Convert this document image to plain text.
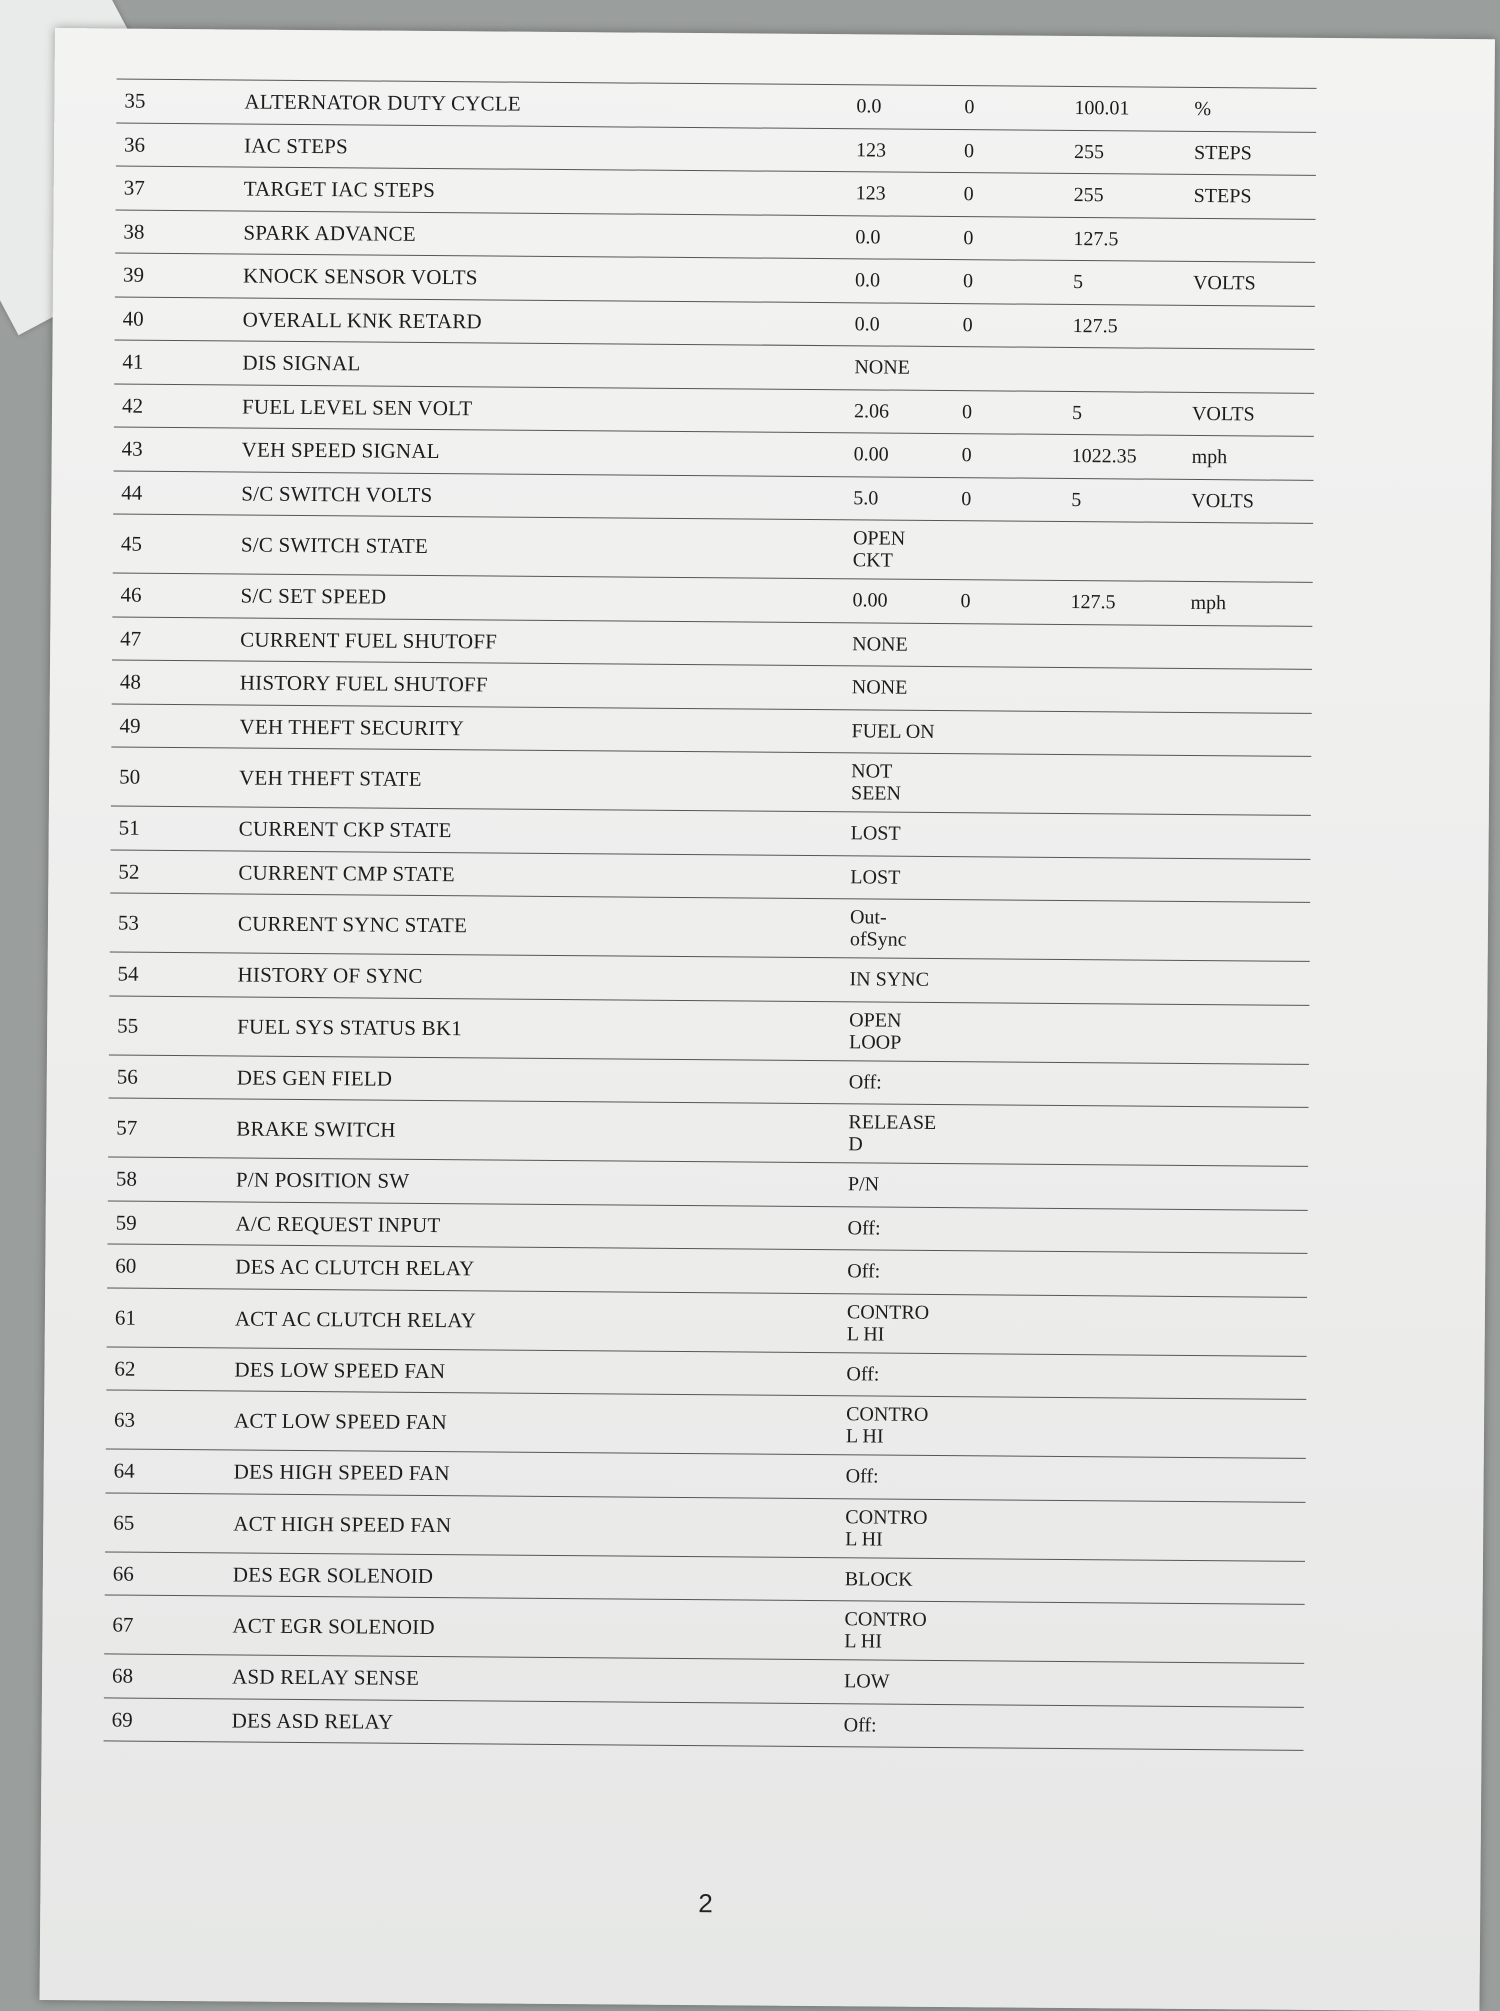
35	ALTERNATOR DUTY CYCLE	0.0	0	100.01	%
36	IAC STEPS	123	0	255	STEPS
37	TARGET IAC STEPS	123	0	255	STEPS
38	SPARK ADVANCE	0.0	0	127.5
39	KNOCK SENSOR VOLTS	0.0	0	5	VOLTS
40	OVERALL KNK RETARD	0.0	0	127.5
41	DIS SIGNAL	NONE
42	FUEL LEVEL SEN VOLT	2.06	0	5	VOLTS
43	VEH SPEED SIGNAL	0.00	0	1022.35	mph
44	S/C SWITCH VOLTS	5.0	0	5	VOLTS
45	S/C SWITCH STATE	OPEN
CKT
46	S/C SET SPEED	0.00	0	127.5	mph
47	CURRENT FUEL SHUTOFF	NONE
48	HISTORY FUEL SHUTOFF	NONE
49	VEH THEFT SECURITY	FUEL ON
50	VEH THEFT STATE	NOT
SEEN
51	CURRENT CKP STATE	LOST
52	CURRENT CMP STATE	LOST
53	CURRENT SYNC STATE	Out-
ofSync
54	HISTORY OF SYNC	IN SYNC
55	FUEL SYS STATUS BK1	OPEN
LOOP
56	DES GEN FIELD	Off:
57	BRAKE SWITCH	RELEASE
D
58	P/N POSITION SW	P/N
59	A/C REQUEST INPUT	Off:
60	DES AC CLUTCH RELAY	Off:
61	ACT AC CLUTCH RELAY	CONTRO
L HI
62	DES LOW SPEED FAN	Off:
63	ACT LOW SPEED FAN	CONTRO
L HI
64	DES HIGH SPEED FAN	Off:
65	ACT HIGH SPEED FAN	CONTRO
L HI
66	DES EGR SOLENOID	BLOCK
67	ACT EGR SOLENOID	CONTRO
L HI
68	ASD RELAY SENSE	LOW
69	DES ASD RELAY	Off:
2
